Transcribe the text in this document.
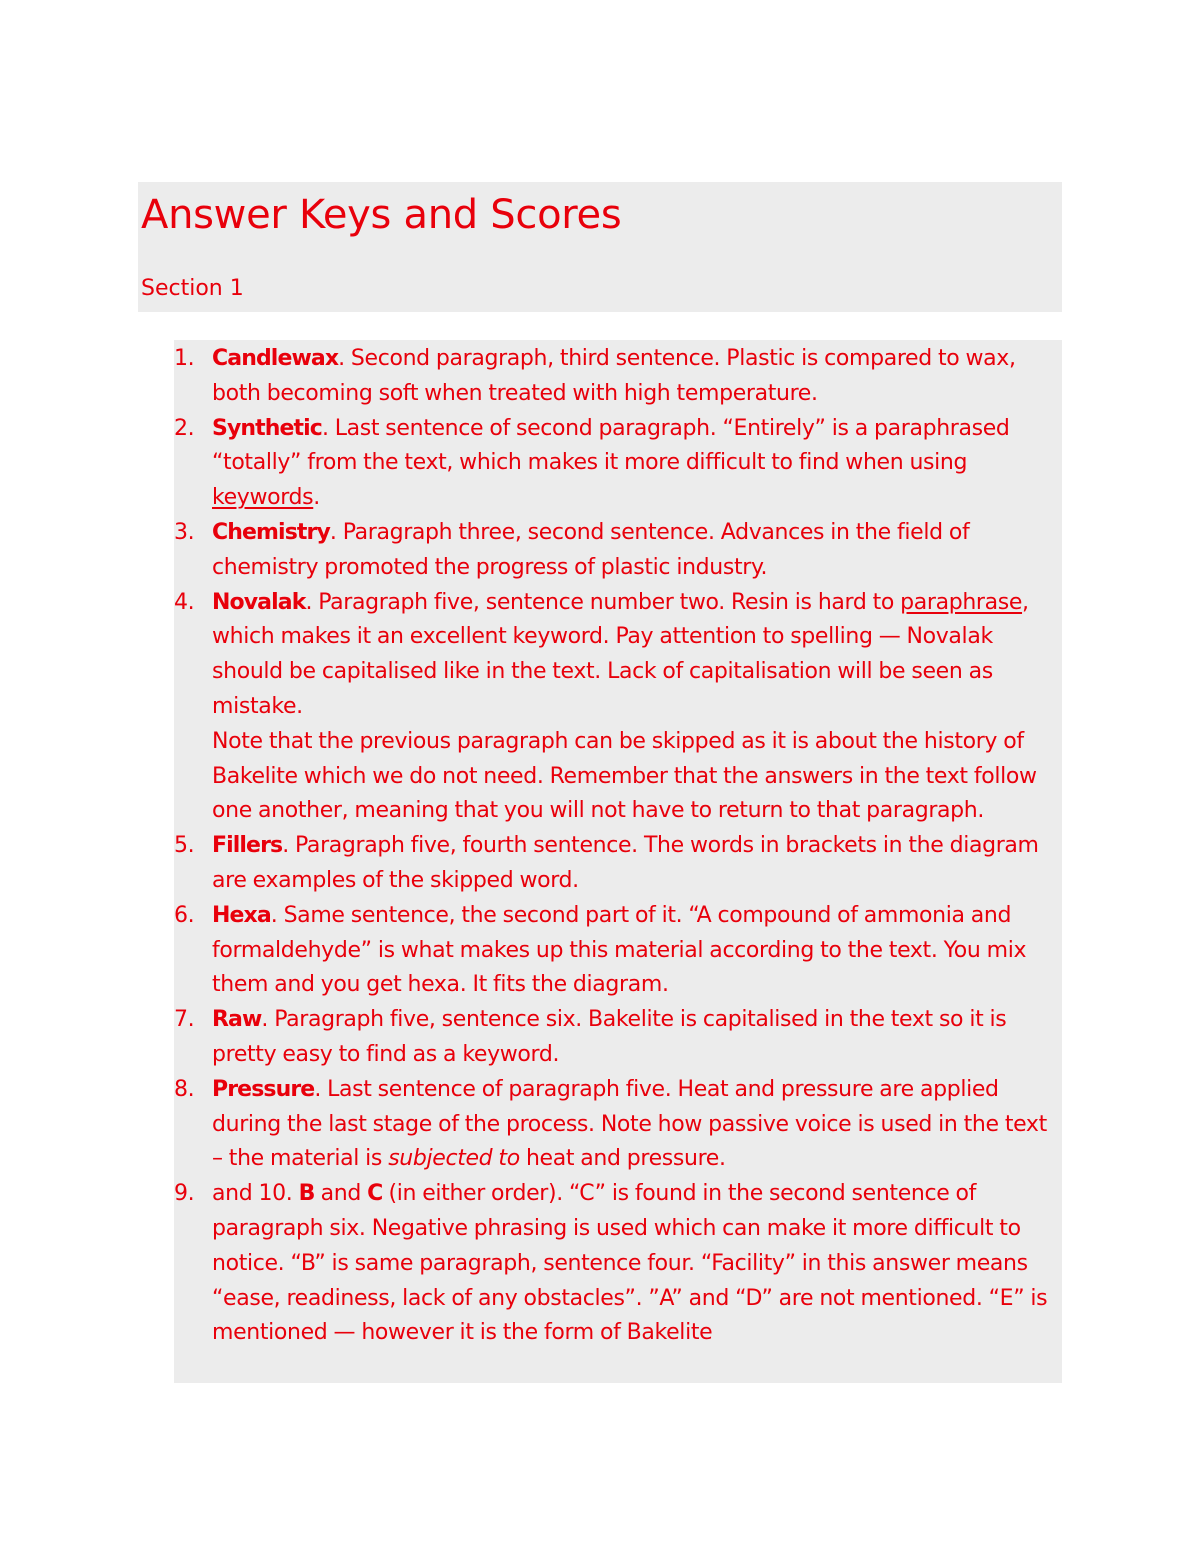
Answer Keys and Scores
Section 1
1. Candlewax. Second paragraph, third sentence. Plastic is compared to wax, both becoming soft when treated with high temperature.
2. Synthetic. Last sentence of second paragraph. “Entirely” is a paraphrased “totally” from the text, which makes it more difficult to find when using keywords.
3. Chemistry. Paragraph three, second sentence. Advances in the field of chemistry promoted the progress of plastic industry.
4. Novalak. Paragraph five, sentence number two. Resin is hard to paraphrase, which makes it an excellent keyword. Pay attention to spelling — Novalak should be capitalised like in the text. Lack of capitalisation will be seen as mistake.
Note that the previous paragraph can be skipped as it is about the history of Bakelite which we do not need. Remember that the answers in the text follow one another, meaning that you will not have to return to that paragraph.
5. Fillers. Paragraph five, fourth sentence. The words in brackets in the diagram are examples of the skipped word.
6. Hexa. Same sentence, the second part of it. “A compound of ammonia and formaldehyde” is what makes up this material according to the text. You mix them and you get hexa. It fits the diagram.
7. Raw. Paragraph five, sentence six. Bakelite is capitalised in the text so it is pretty easy to find as a keyword.
8. Pressure. Last sentence of paragraph five. Heat and pressure are applied during the last stage of the process. Note how passive voice is used in the text – the material is subjected to heat and pressure.
9. and 10. B and C (in either order). “C” is found in the second sentence of paragraph six. Negative phrasing is used which can make it more difficult to notice. “B” is same paragraph, sentence four. “Facility” in this answer means “ease, readiness, lack of any obstacles”. ”A” and “D” are not mentioned. “E” is mentioned — however it is the form of Bakelite
